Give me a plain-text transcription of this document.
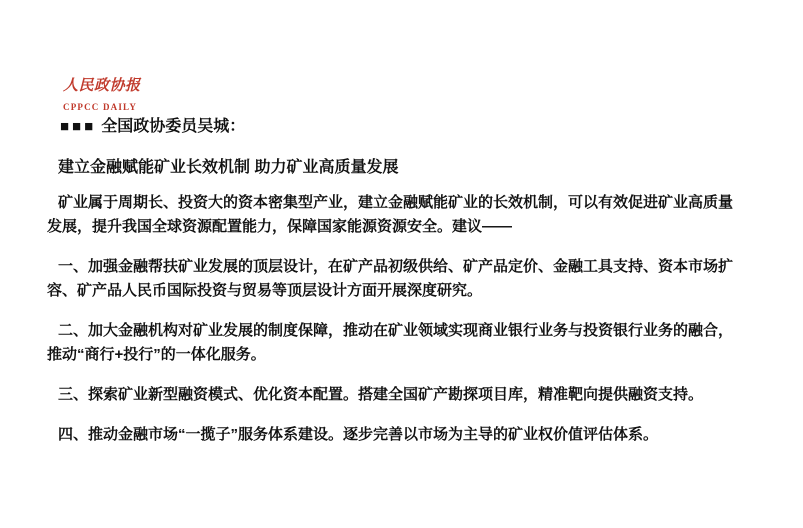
人民政协报
CPPCC DAILY
■■■ 全国政协委员吴城：
建立金融赋能矿业长效机制 助力矿业高质量发展

矿业属于周期长、投资大的资本密集型产业，建立金融赋能矿业的长效机制，可以有效促进矿业高质量发展，提升我国全球资源配置能力，保障国家能源资源安全。建议——

一、加强金融帮扶矿业发展的顶层设计，在矿产品初级供给、矿产品定价、金融工具支持、资本市场扩容、矿产品人民币国际投资与贸易等顶层设计方面开展深度研究。

二、加大金融机构对矿业发展的制度保障，推动在矿业领域实现商业银行业务与投资银行业务的融合，推动“商行+投行”的一体化服务。

三、探索矿业新型融资模式、优化资本配置。搭建全国矿产勘探项目库，精准靶向提供融资支持。

四、推动金融市场“一揽子”服务体系建设。逐步完善以市场为主导的矿业权价值评估体系。
